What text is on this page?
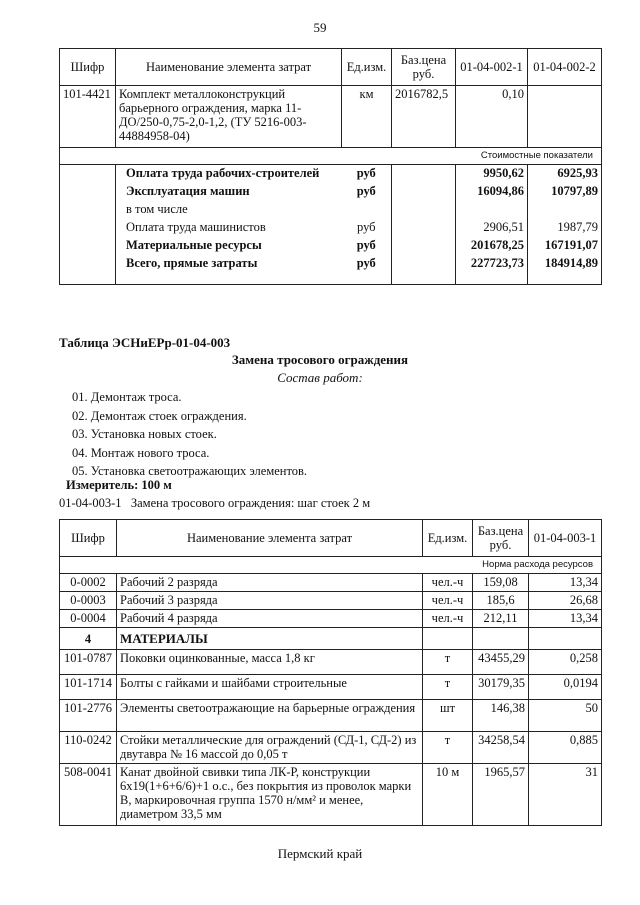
59
Шифр	Наименование элемента затрат	Ед.изм.	Баз.цена руб.	01-04-002-1	01-04-002-2
101-4421	Комплект металлоконструкций барьерного ограждения, марка 11-ДО/250-0,75-2,0-1,2, (ТУ 5216-003-44884958-04)	км	2016782,5	0,10	
Стоимостные показатели					
	Оплата труда рабочих-строителей	руб		9950,62	6925,93
	Эксплуатация машин	руб		16094,86	10797,89
	в том числе				
	Оплата труда машинистов	руб		2906,51	1987,79
	Материальные ресурсы	руб		201678,25	167191,07
	Всего, прямые затраты	руб		227723,73	184914,89
Таблица ЭСНиЕРр-01-04-003
Замена тросового ограждения
Состав работ:
01. Демонтаж троса.
02. Демонтаж стоек ограждения.
03. Установка новых стоек.
04. Монтаж нового троса.
05. Установка светоотражающих элементов.
Измеритель: 100 м
01-04-003-1   Замена тросового ограждения: шаг стоек 2 м
Шифр	Наименование элемента затрат	Ед.изм.	Баз.цена руб.	01-04-003-1
Норма расхода ресурсов				
0-0002	Рабочий 2 разряда	чел.-ч	159,08	13,34
0-0003	Рабочий 3 разряда	чел.-ч	185,6	26,68
0-0004	Рабочий 4 разряда	чел.-ч	212,11	13,34
4	МАТЕРИАЛЫ			
101-0787	Поковки оцинкованные, масса 1,8 кг	т	43455,29	0,258
101-1714	Болты с гайками и шайбами строительные	т	30179,35	0,0194
101-2776	Элементы светоотражающие на барьерные ограждения	шт	146,38	50
110-0242	Стойки металлические для ограждений (СД-1, СД-2) из двутавра № 16 массой до 0,05 т	т	34258,54	0,885
508-0041	Канат двойной свивки типа ЛК-Р, конструкции 6х19(1+6+6/6)+1 о.с., без покрытия из проволок марки В, маркировочная группа 1570 н/мм² и менее, диаметром 33,5 мм	10 м	1965,57	31
Пермский край
